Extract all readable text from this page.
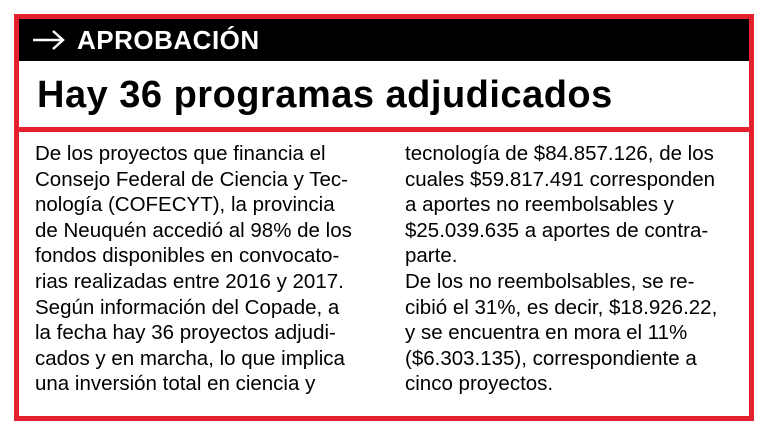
APROBACIÓN
Hay 36 programas adjudicados
De los proyectos que financia el
Consejo Federal de Ciencia y Tec-
nología (COFECYT), la provincia
de Neuquén accedió al 98% de los
fondos disponibles en convocato-
rias realizadas entre 2016 y 2017.
Según información del Copade, a
la fecha hay 36 proyectos adjudi-
cados y en marcha, lo que implica
una inversión total en ciencia y
tecnología de $84.857.126, de los
cuales $59.817.491 corresponden
a aportes no reembolsables y
$25.039.635 a aportes de contra-
parte.
De los no reembolsables, se re-
cibió el 31%, es decir, $18.926.22,
y se encuentra en mora el 11%
($6.303.135), correspondiente a
cinco proyectos.
